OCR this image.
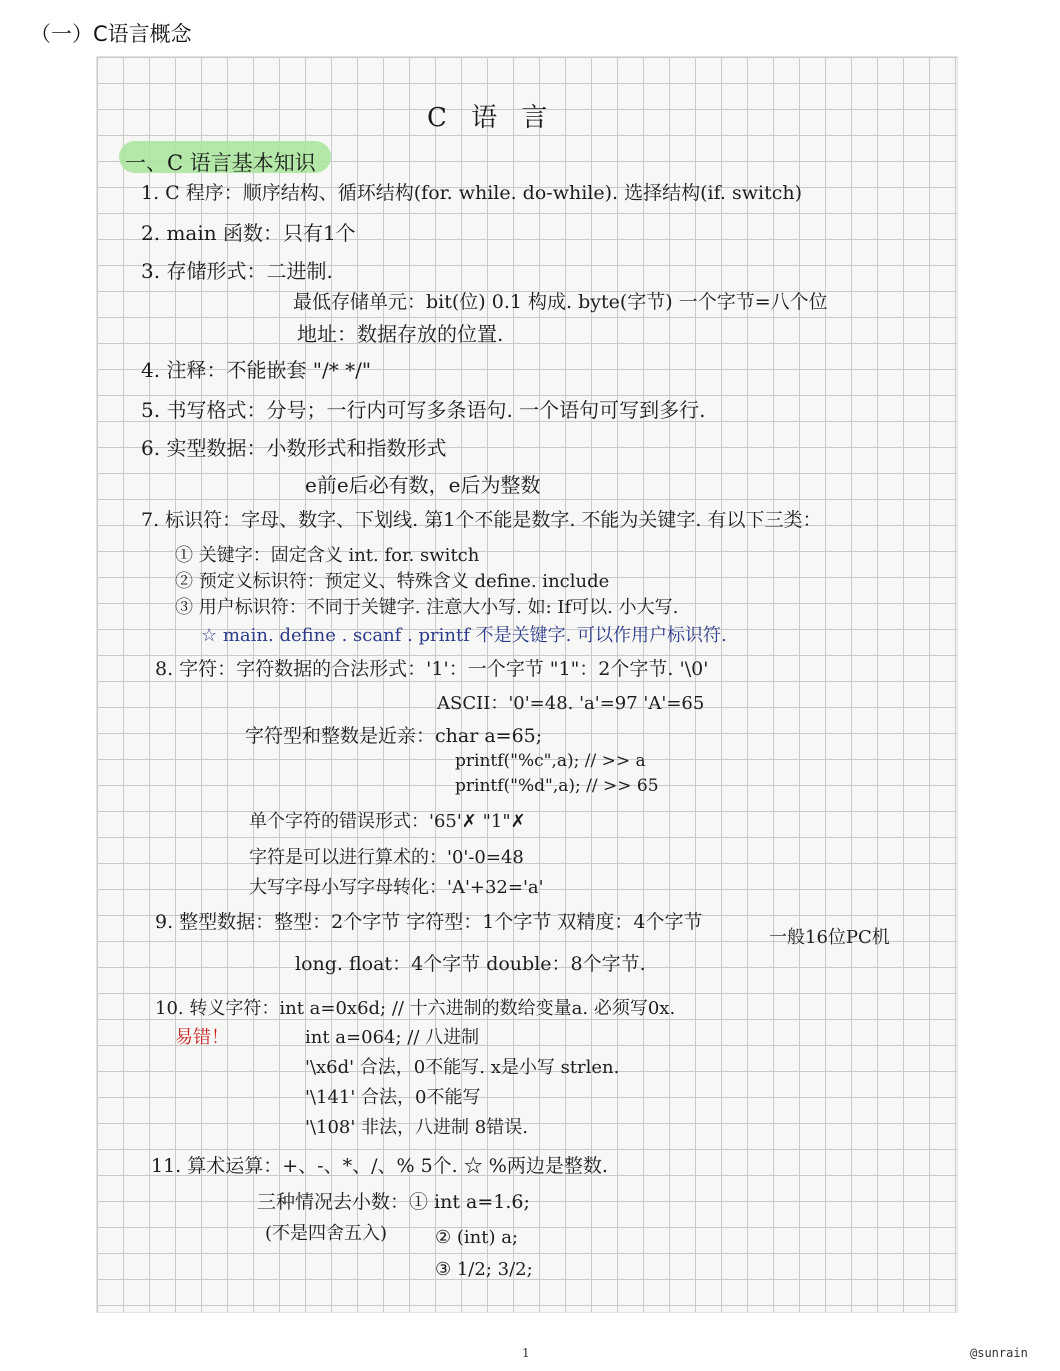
（一）C语言概念
C 语 言
一、C 语言基本知识
1. C 程序：顺序结构、循环结构(for. while. do-while). 选择结构(if. switch)
2. main 函数：只有1个
3. 存储形式：二进制.
最低存储单元：bit(位) 0.1 构成. byte(字节) 一个字节=八个位
地址：数据存放的位置.
4. 注释：不能嵌套 "/* */"
5. 书写格式：分号；一行内可写多条语句. 一个语句可写到多行.
6. 实型数据：小数形式和指数形式
e前e后必有数，e后为整数
7. 标识符：字母、数字、下划线. 第1个不能是数字. 不能为关键字. 有以下三类：
① 关键字：固定含义 int. for. switch
② 预定义标识符：预定义、特殊含义 define. include
③ 用户标识符：不同于关键字. 注意大小写. 如: If可以. 小大写.
☆ main. define . scanf . printf 不是关键字. 可以作用户标识符.
8. 字符：字符数据的合法形式：'1'：一个字节 "1"：2个字节. '\0'
ASCII：'0'=48. 'a'=97 'A'=65
字符型和整数是近亲：char a=65;
printf("%c",a); // >> a
printf("%d",a); // >> 65
单个字符的错误形式：'65'✗ "1"✗
字符是可以进行算术的：'0'-0=48
大写字母小写字母转化：'A'+32='a'
9. 整型数据：整型：2个字节 字符型：1个字节 双精度：4个字节
一般16位PC机
long. float：4个字节 double：8个字节.
10. 转义字符：int a=0x6d; // 十六进制的数给变量a. 必须写0x.
易错！	int a=064; // 八进制
'\x6d' 合法，0不能写. x是小写 strlen.
'\141' 合法，0不能写
'\108' 非法，八进制 8错误.
11. 算术运算：+、-、*、/、% 5个. ☆ %两边是整数.
三种情况去小数：① int a=1.6;
(不是四舍五入)	② (int) a;
③ 1/2; 3/2;
1	@sunrain
